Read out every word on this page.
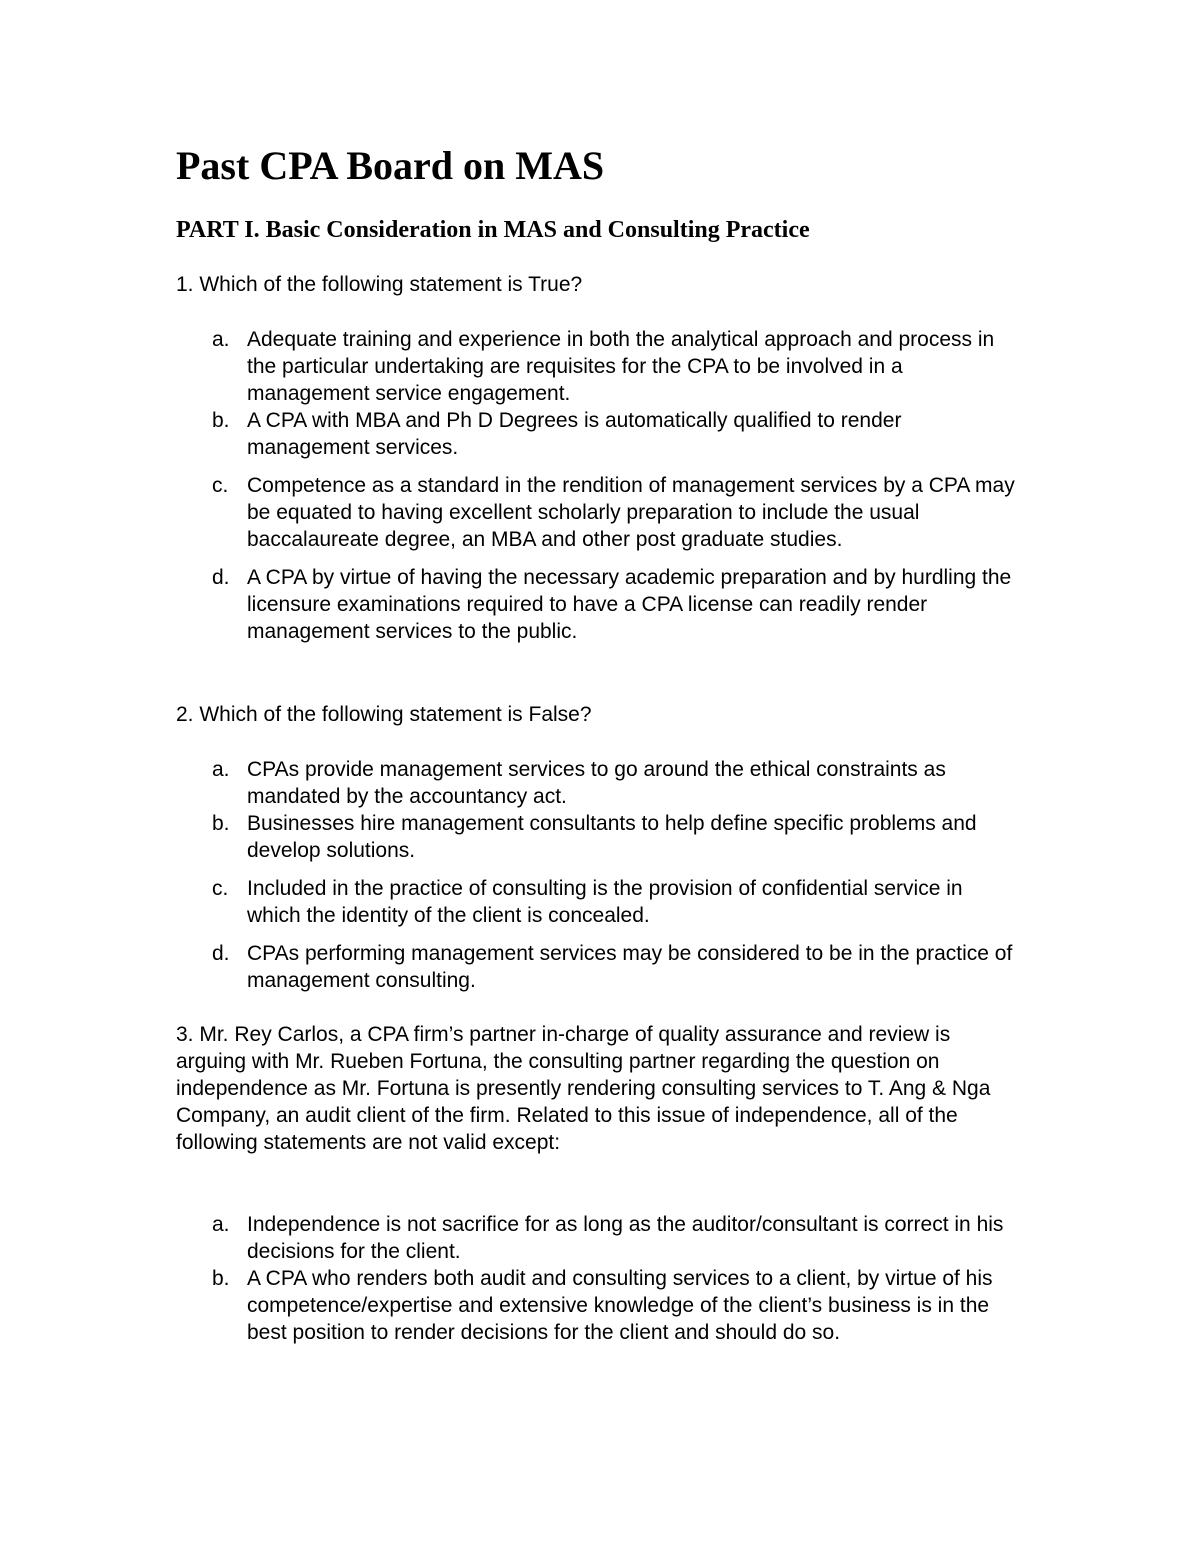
Past CPA Board on MAS
PART I. Basic Consideration in MAS and Consulting Practice

1. Which of the following statement is True?

a. Adequate training and experience in both the analytical approach and process in the particular undertaking are requisites for the CPA to be involved in a management service engagement.
b. A CPA with MBA and Ph D Degrees is automatically qualified to render management services.
c. Competence as a standard in the rendition of management services by a CPA may be equated to having excellent scholarly preparation to include the usual baccalaureate degree, an MBA and other post graduate studies.
d. A CPA by virtue of having the necessary academic preparation and by hurdling the licensure examinations required to have a CPA license can readily render management services to the public.

2. Which of the following statement is False?

a. CPAs provide management services to go around the ethical constraints as mandated by the accountancy act.
b. Businesses hire management consultants to help define specific problems and develop solutions.
c. Included in the practice of consulting is the provision of confidential service in which the identity of the client is concealed.
d. CPAs performing management services may be considered to be in the practice of management consulting.

3. Mr. Rey Carlos, a CPA firm’s partner in-charge of quality assurance and review is arguing with Mr. Rueben Fortuna, the consulting partner regarding the question on independence as Mr. Fortuna is presently rendering consulting services to T. Ang & Nga Company, an audit client of the firm. Related to this issue of independence, all of the following statements are not valid except:

a. Independence is not sacrifice for as long as the auditor/consultant is correct in his decisions for the client.
b. A CPA who renders both audit and consulting services to a client, by virtue of his competence/expertise and extensive knowledge of the client’s business is in the best position to render decisions for the client and should do so.
